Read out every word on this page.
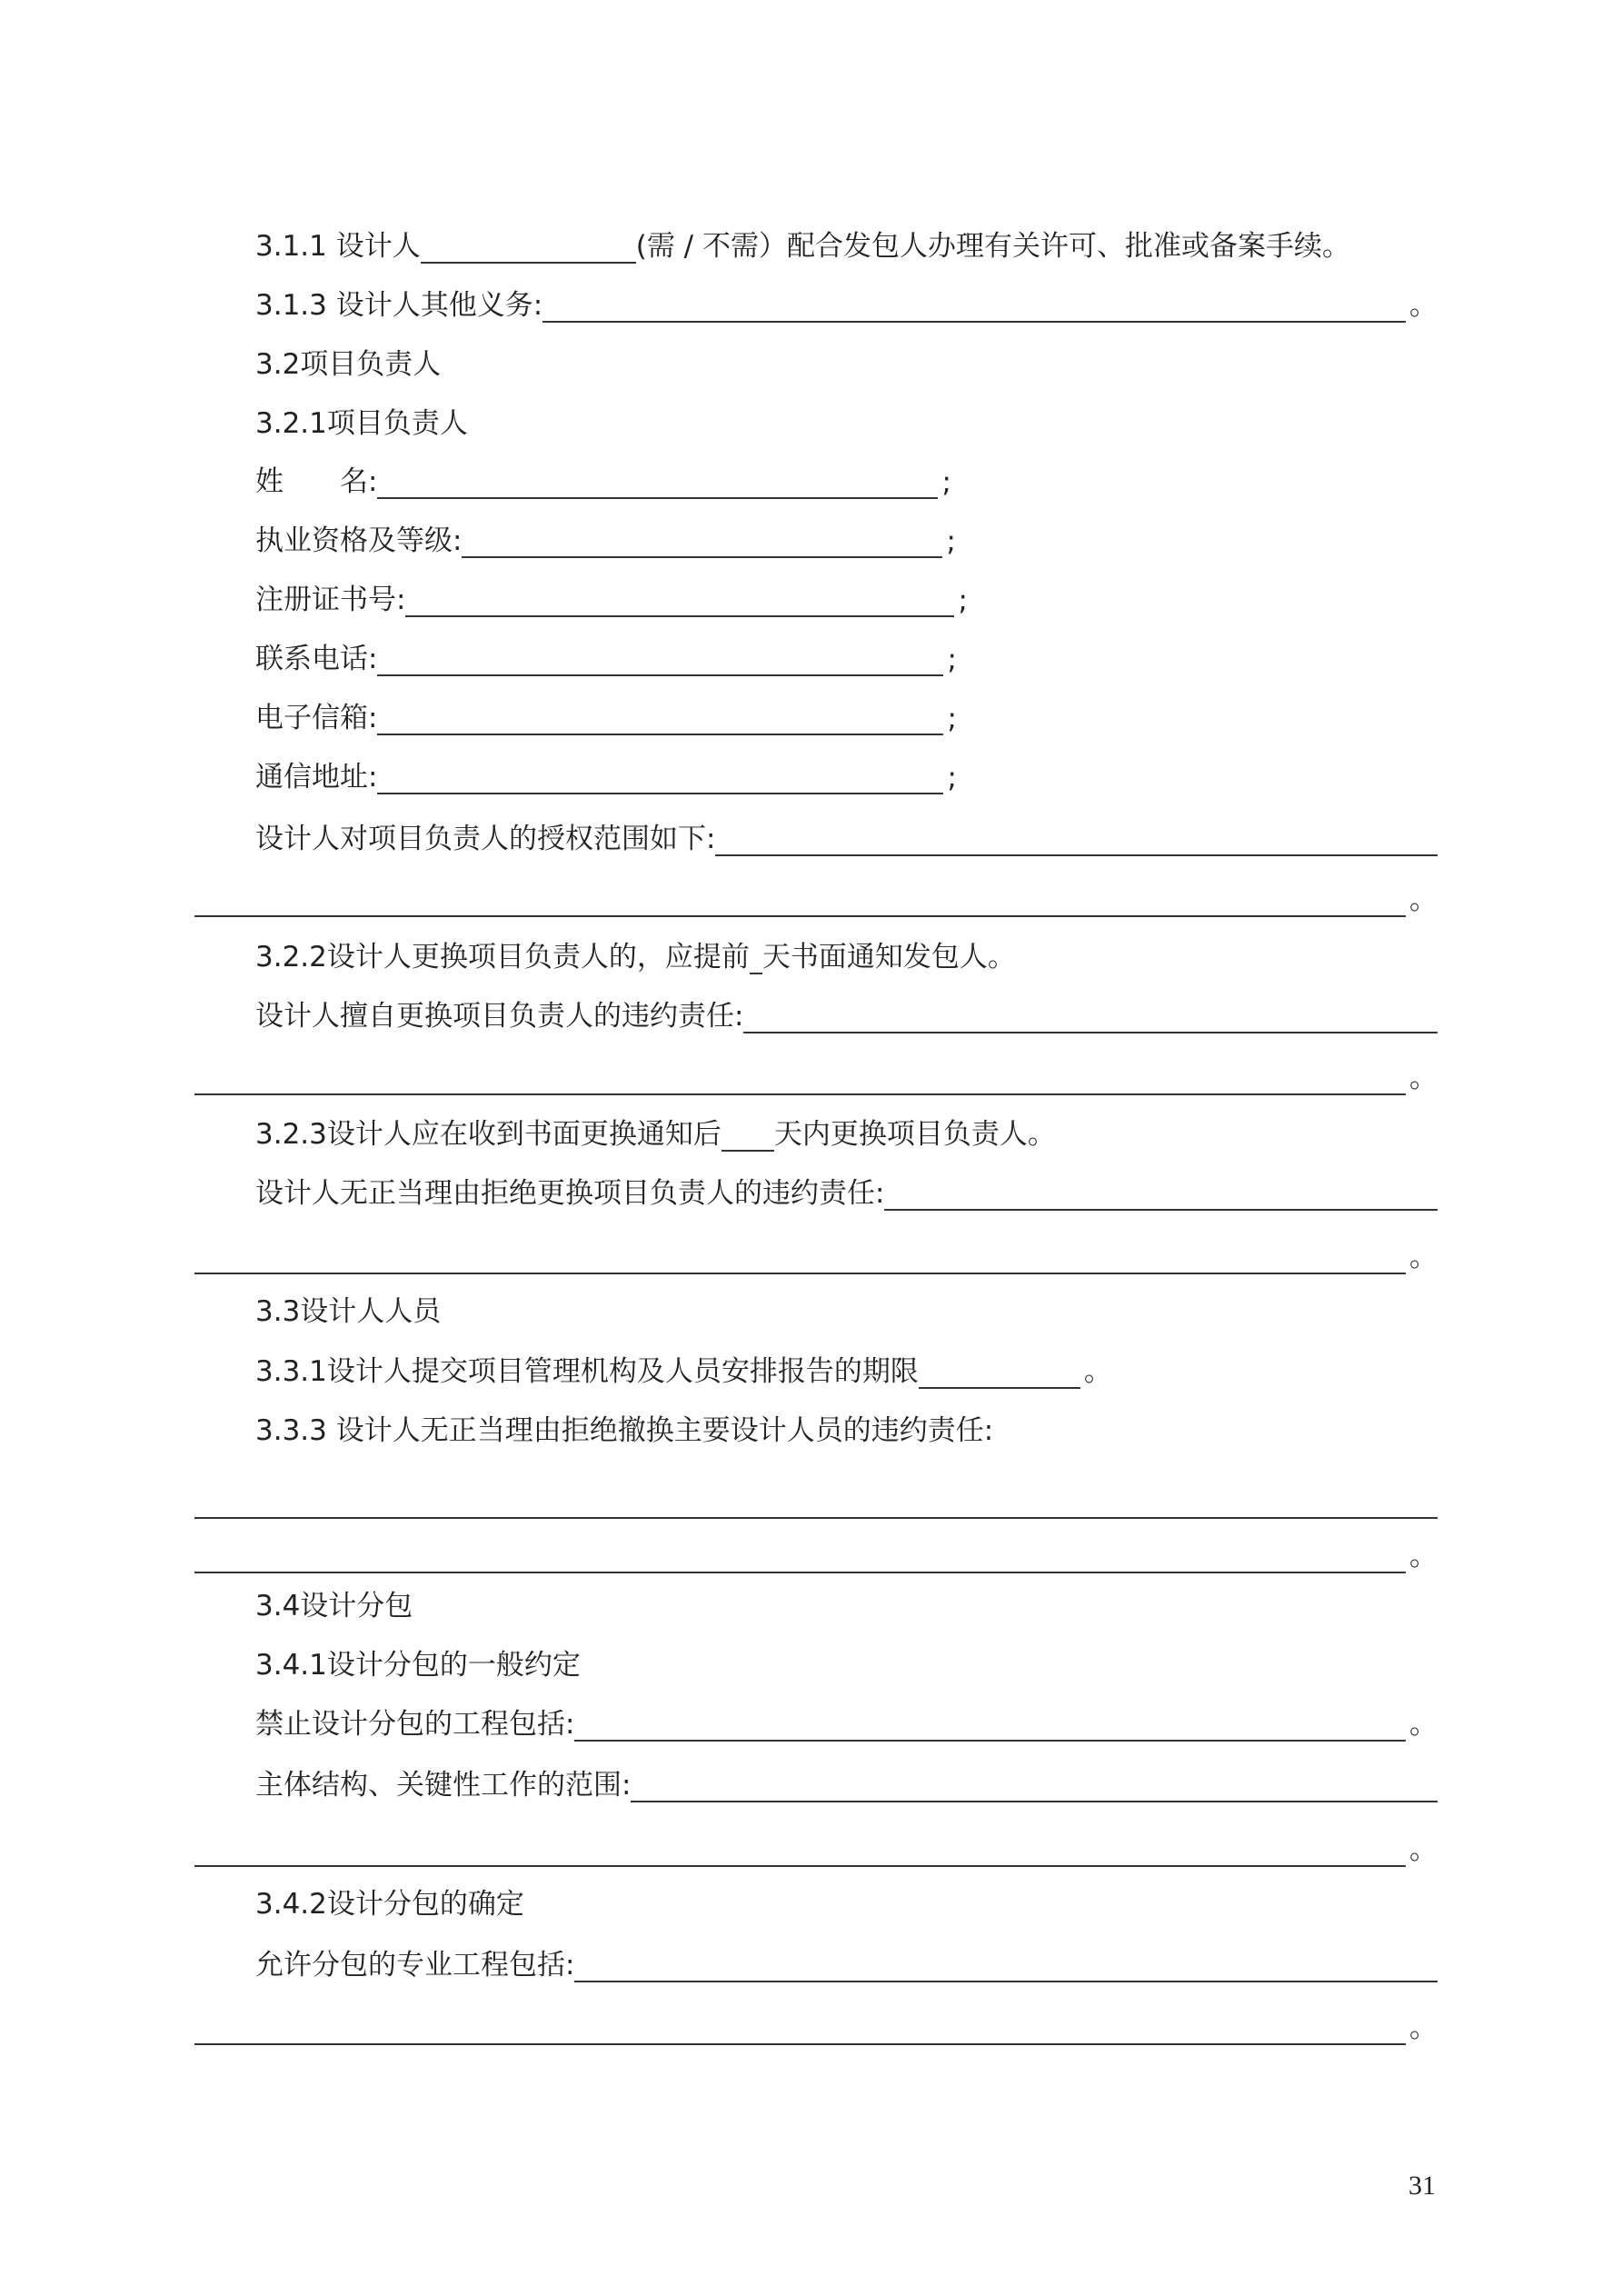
3.1.1 设计人	(需 / 不需）配合发包人办理有关许可、批准或备案手续。
3.1.3 设计人其他义务:	。
3.2项目负责人
3.2.1项目负责人
姓　　名:	;
执业资格及等级:	;
注册证书号:	;
联系电话:	;
电子信箱:	;
通信地址:	;
设计人对项目负责人的授权范围如下:
。
3.2.2设计人更换项目负责人的，应提前 天书面通知发包人。
设计人擅自更换项目负责人的违约责任:
。
3.2.3设计人应在收到书面更换通知后 天内更换项目负责人。
设计人无正当理由拒绝更换项目负责人的违约责任:
。
3.3设计人人员
3.3.1设计人提交项目管理机构及人员安排报告的期限	。
3.3.3 设计人无正当理由拒绝撤换主要设计人员的违约责任:
。
3.4设计分包
3.4.1设计分包的一般约定
禁止设计分包的工程包括:	。
主体结构、关键性工作的范围:
。
3.4.2设计分包的确定
允许分包的专业工程包括:
。
31
